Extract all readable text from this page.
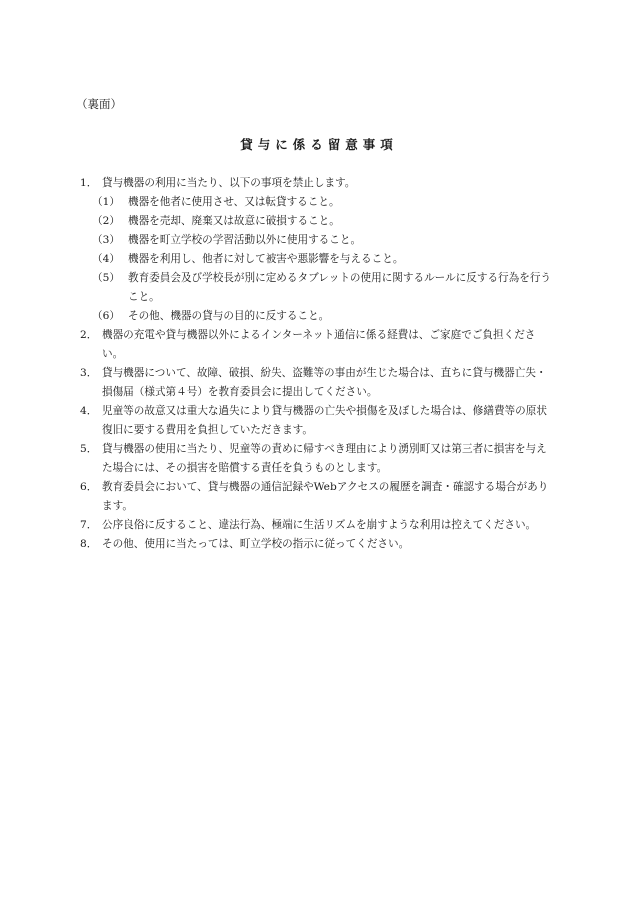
（裏面）
貸与に係る留意事項
1． 貸与機器の利用に当たり、以下の事項を禁止します。
（1） 機器を他者に使用させ、又は転貸すること。
（2） 機器を売却、廃棄又は故意に破損すること。
（3） 機器を町立学校の学習活動以外に使用すること。
（4） 機器を利用し、他者に対して被害や悪影響を与えること。
（5） 教育委員会及び学校長が別に定めるタブレットの使用に関するルールに反する行為を行うこと。
（6） その他、機器の貸与の目的に反すること。
2． 機器の充電や貸与機器以外によるインターネット通信に係る経費は、ご家庭でご負担ください。
3． 貸与機器について、故障、破損、紛失、盗難等の事由が生じた場合は、直ちに貸与機器亡失・損傷届（様式第４号）を教育委員会に提出してください。
4． 児童等の故意又は重大な過失により貸与機器の亡失や損傷を及ぼした場合は、修繕費等の原状復旧に要する費用を負担していただきます。
5． 貸与機器の使用に当たり、児童等の責めに帰すべき理由により湧別町又は第三者に損害を与えた場合には、その損害を賠償する責任を負うものとします。
6． 教育委員会において、貸与機器の通信記録やWebアクセスの履歴を調査・確認する場合があります。
7． 公序良俗に反すること、違法行為、極端に生活リズムを崩すような利用は控えてください。
8． その他、使用に当たっては、町立学校の指示に従ってください。
